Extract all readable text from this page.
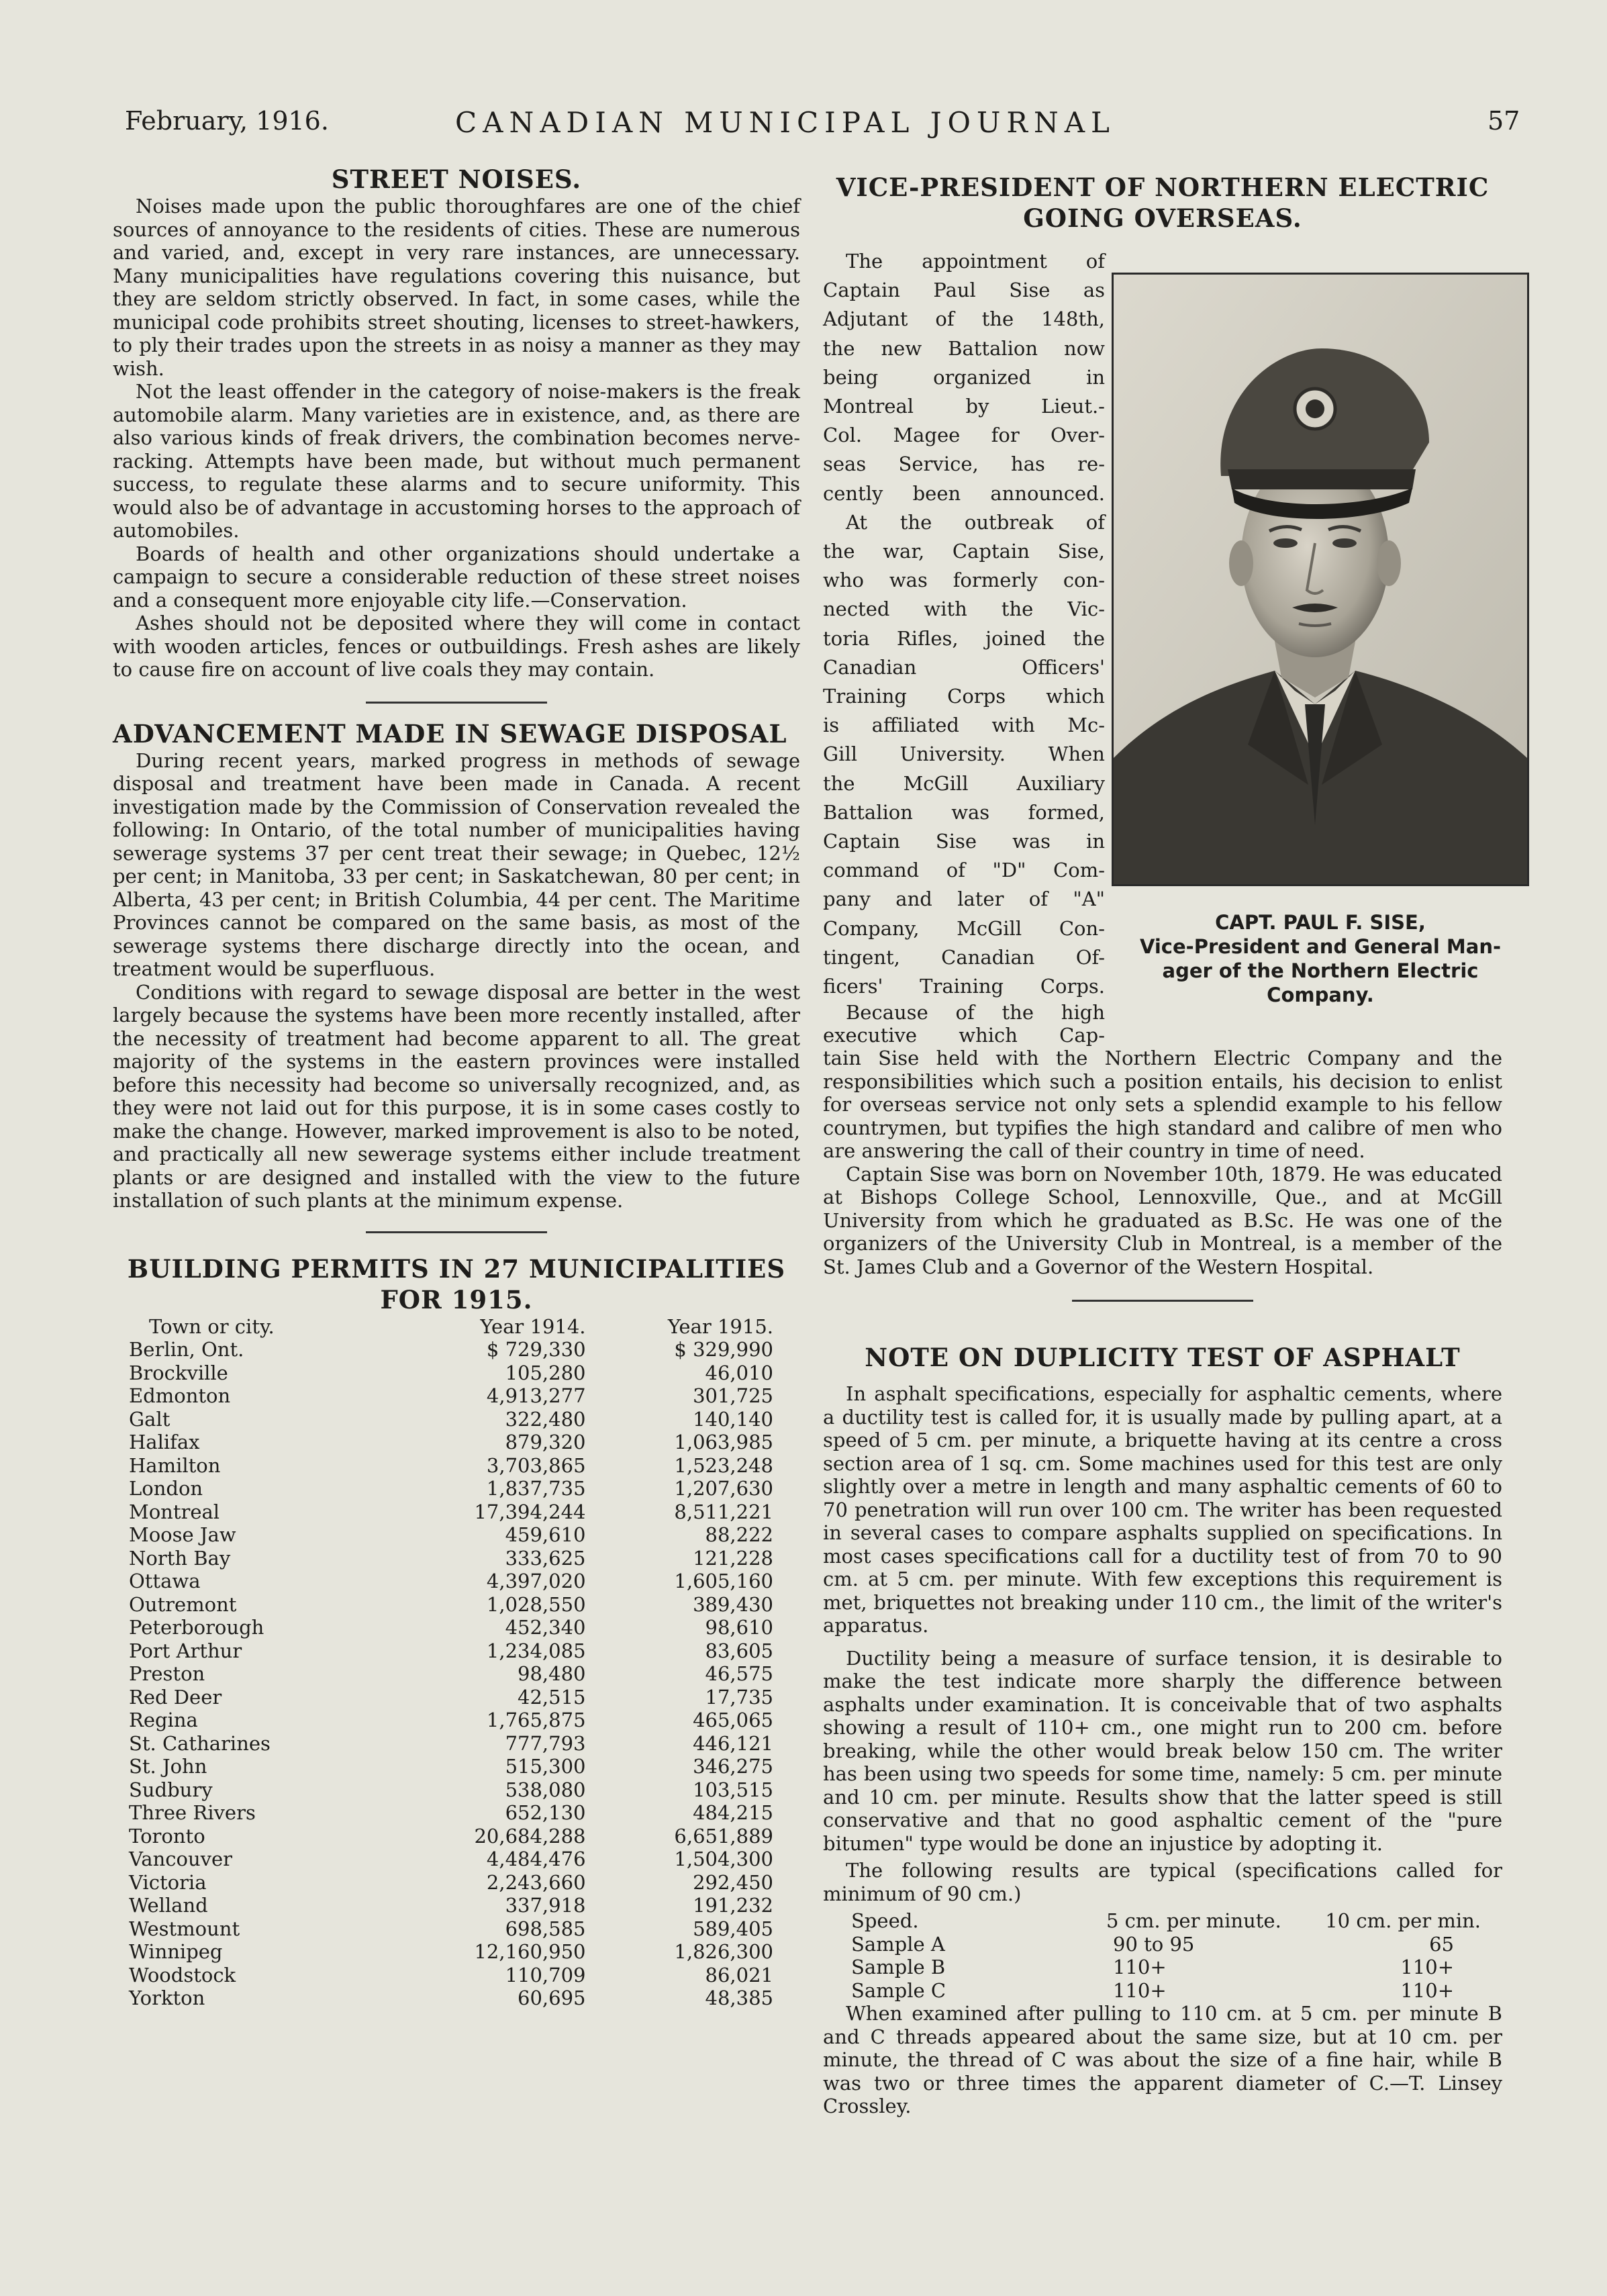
February, 1916.	CANADIAN MUNICIPAL JOURNAL	57
STREET NOISES.

Noises made upon the public thoroughfares are one of the chief sources of annoyance to the residents of cities. These are numerous and varied, and, except in very rare instances, are unnecessary. Many municipalities have regulations covering this nuisance, but they are seldom strictly observed. In fact, in some cases, while the municipal code prohibits street shouting, licenses to street-hawkers, to ply their trades upon the streets in as noisy a manner as they may wish.

Not the least offender in the category of noise-makers is the freak automobile alarm. Many varieties are in existence, and, as there are also various kinds of freak drivers, the combination becomes nerve-racking. Attempts have been made, but without much permanent success, to regulate these alarms and to secure uniformity. This would also be of advantage in accustoming horses to the approach of automobiles.

Boards of health and other organizations should undertake a campaign to secure a considerable reduction of these street noises and a consequent more enjoyable city life.—Conservation.

Ashes should not be deposited where they will come in contact with wooden articles, fences or outbuildings. Fresh ashes are likely to cause fire on account of live coals they may contain.

ADVANCEMENT MADE IN SEWAGE DISPOSAL

During recent years, marked progress in methods of sewage disposal and treatment have been made in Canada. A recent investigation made by the Commission of Conservation revealed the following: In Ontario, of the total number of municipalities having sewerage systems 37 per cent treat their sewage; in Quebec, 12½ per cent; in Manitoba, 33 per cent; in Saskatchewan, 80 per cent; in Alberta, 43 per cent; in British Columbia, 44 per cent. The Maritime Provinces cannot be compared on the same basis, as most of the sewerage systems there discharge directly into the ocean, and treatment would be superfluous.

Conditions with regard to sewage disposal are better in the west largely because the systems have been more recently installed, after the necessity of treatment had become apparent to all. The great majority of the systems in the eastern provinces were installed before this necessity had become so universally recognized, and, as they were not laid out for this purpose, it is in some cases costly to make the change. However, marked improvement is also to be noted, and practically all new sewerage systems either include treatment plants or are designed and installed with the view to the future installation of such plants at the minimum expense.

BUILDING PERMITS IN 27 MUNICIPALITIES
FOR 1915.
Town or city.	Year 1914.	Year 1915.
Berlin, Ont.	$ 729,330	$ 329,990
Brockville	105,280	46,010
Edmonton	4,913,277	301,725
Galt	322,480	140,140
Halifax	879,320	1,063,985
Hamilton	3,703,865	1,523,248
London	1,837,735	1,207,630
Montreal	17,394,244	8,511,221
Moose Jaw	459,610	88,222
North Bay	333,625	121,228
Ottawa	4,397,020	1,605,160
Outremont	1,028,550	389,430
Peterborough	452,340	98,610
Port Arthur	1,234,085	83,605
Preston	98,480	46,575
Red Deer	42,515	17,735
Regina	1,765,875	465,065
St. Catharines	777,793	446,121
St. John	515,300	346,275
Sudbury	538,080	103,515
Three Rivers	652,130	484,215
Toronto	20,684,288	6,651,889
Vancouver	4,484,476	1,504,300
Victoria	2,243,660	292,450
Welland	337,918	191,232
Westmount	698,585	589,405
Winnipeg	12,160,950	1,826,300
Woodstock	110,709	86,021
Yorkton	60,695	48,385
VICE-PRESIDENT OF NORTHERN ELECTRIC
GOING OVERSEAS.
The appointment of
Captain Paul Sise as
Adjutant of the 148th,
the new Battalion now
being organized in
Montreal by Lieut.-
Col. Magee for Over-
seas Service, has re-
cently been announced.
At the outbreak of
the war, Captain Sise,
who was formerly con-
nected with the Vic-
toria Rifles, joined the
Canadian Officers'
Training Corps which
is affiliated with Mc-
Gill University. When
the McGill Auxiliary
Battalion was formed,
Captain Sise was in
command of "D" Com-
pany and later of "A"
Company, McGill Con-
tingent, Canadian Of-
ficers' Training Corps.
Because of the high
executive which Cap-

tain Sise held with the Northern Electric Company and the responsibilities which such a position entails, his decision to enlist for overseas service not only sets a splendid example to his fellow countrymen, but typifies the high standard and calibre of men who are answering the call of their country in time of need.

Captain Sise was born on November 10th, 1879. He was educated at Bishops College School, Lennoxville, Que., and at McGill University from which he graduated as B.Sc. He was one of the organizers of the University Club in Montreal, is a member of the St. James Club and a Governor of the Western Hospital.

NOTE ON DUPLICITY TEST OF ASPHALT

In asphalt specifications, especially for asphaltic cements, where a ductility test is called for, it is usually made by pulling apart, at a speed of 5 cm. per minute, a briquette having at its centre a cross section area of 1 sq. cm. Some machines used for this test are only slightly over a metre in length and many asphaltic cements of 60 to 70 penetration will run over 100 cm. The writer has been requested in several cases to compare asphalts supplied on specifications. In most cases specifications call for a ductility test of from 70 to 90 cm. at 5 cm. per minute. With few exceptions this requirement is met, briquettes not breaking under 110 cm., the limit of the writer's apparatus.

Ductility being a measure of surface tension, it is desirable to make the test indicate more sharply the difference between asphalts under examination. It is conceivable that of two asphalts showing a result of 110+ cm., one might run to 200 cm. before breaking, while the other would break below 150 cm. The writer has been using two speeds for some time, namely: 5 cm. per minute and 10 cm. per minute. Results show that the latter speed is still conservative and that no good asphaltic cement of the "pure bitumen" type would be done an injustice by adopting it.

The following results are typical (specifications called for minimum of 90 cm.)

Speed.	5 cm. per minute.	10 cm. per min.
Sample A	90 to 95	65
Sample B	110+	110+
Sample C	110+	110+

When examined after pulling to 110 cm. at 5 cm. per minute B and C threads appeared about the same size, but at 10 cm. per minute, the thread of C was about the size of a fine hair, while B was two or three times the apparent diameter of C.—T. Linsey Crossley.

CAPT. PAUL F. SISE,
Vice-President and General Man-
ager of the Northern Electric
Company.
